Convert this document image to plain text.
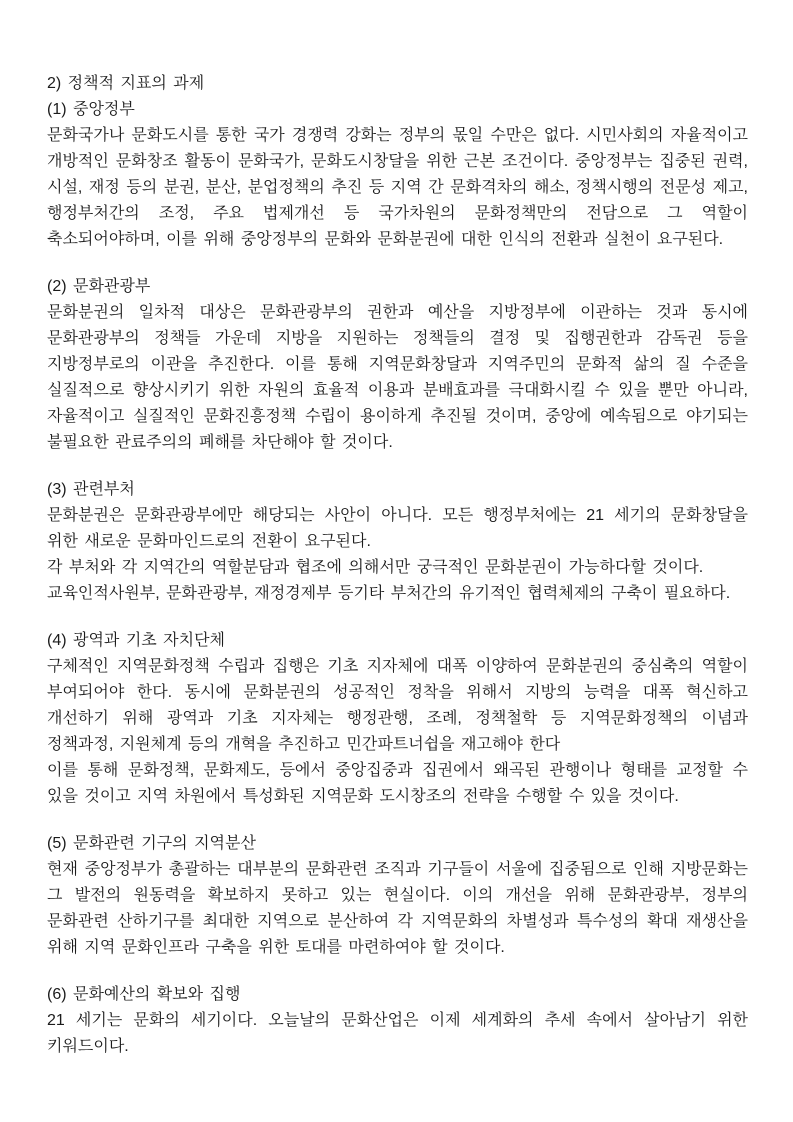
2) 정책적 지표의 과제
(1) 중앙정부

문화국가나 문화도시를 통한 국가 경쟁력 강화는 정부의 몫일 수만은 없다. 시민사회의 자율적이고 개방적인 문화창조 활동이 문화국가, 문화도시창달을 위한 근본 조건이다. 중앙정부는 집중된 권력, 시설, 재정 등의 분권, 분산, 분업정책의 추진 등 지역 간 문화격차의 해소, 정책시행의 전문성 제고, 행정부처간의 조정, 주요 법제개선 등 국가차원의 문화정책만의 전담으로 그 역할이 축소되어야하며, 이를 위해 중앙정부의 문화와 문화분권에 대한 인식의 전환과 실천이 요구된다.

(2) 문화관광부

문화분권의 일차적 대상은 문화관광부의 권한과 예산을 지방정부에 이관하는 것과 동시에 문화관광부의 정책들 가운데 지방을 지원하는 정책들의 결정 및 집행권한과 감독권 등을 지방정부로의 이관을 추진한다. 이를 통해 지역문화창달과 지역주민의 문화적 삶의 질 수준을 실질적으로 향상시키기 위한 자원의 효율적 이용과 분배효과를 극대화시킬 수 있을 뿐만 아니라, 자율적이고 실질적인 문화진흥정책 수립이 용이하게 추진될 것이며, 중앙에 예속됨으로 야기되는 불필요한 관료주의의 폐해를 차단해야 할 것이다.

(3) 관련부처

문화분권은 문화관광부에만 해당되는 사안이 아니다. 모든 행정부처에는 21 세기의 문화창달을 위한 새로운 문화마인드로의 전환이 요구된다.

각 부처와 각 지역간의 역할분담과 협조에 의해서만 궁극적인 문화분권이 가능하다할 것이다.

교육인적사원부, 문화관광부, 재정경제부 등기타 부처간의 유기적인 협력체제의 구축이 필요하다.

(4) 광역과 기초 자치단체

구체적인 지역문화정책 수립과 집행은 기초 지자체에 대폭 이양하여 문화분권의 중심축의 역할이 부여되어야 한다. 동시에 문화분권의 성공적인 정착을 위해서 지방의 능력을 대폭 혁신하고 개선하기 위해 광역과 기초 지자체는 행정관행, 조례, 정책철학 등 지역문화정책의 이념과 정책과정, 지원체계 등의 개혁을 추진하고 민간파트너쉽을 재고해야 한다

이를 통해 문화정책, 문화제도, 등에서 중앙집중과 집권에서 왜곡된 관행이나 형태를 교정할 수 있을 것이고 지역 차원에서 특성화된 지역문화 도시창조의 전략을 수행할 수 있을 것이다.

(5) 문화관련 기구의 지역분산

현재 중앙정부가 총괄하는 대부분의 문화관련 조직과 기구들이 서울에 집중됨으로 인해 지방문화는 그 발전의 원동력을 확보하지 못하고 있는 현실이다. 이의 개선을 위해 문화관광부, 정부의 문화관련 산하기구를 최대한 지역으로 분산하여 각 지역문화의 차별성과 특수성의 확대 재생산을 위해 지역 문화인프라 구축을 위한 토대를 마련하여야 할 것이다.

(6) 문화예산의 확보와 집행

21 세기는 문화의 세기이다. 오늘날의 문화산업은 이제 세계화의 추세 속에서 살아남기 위한 키워드이다.
